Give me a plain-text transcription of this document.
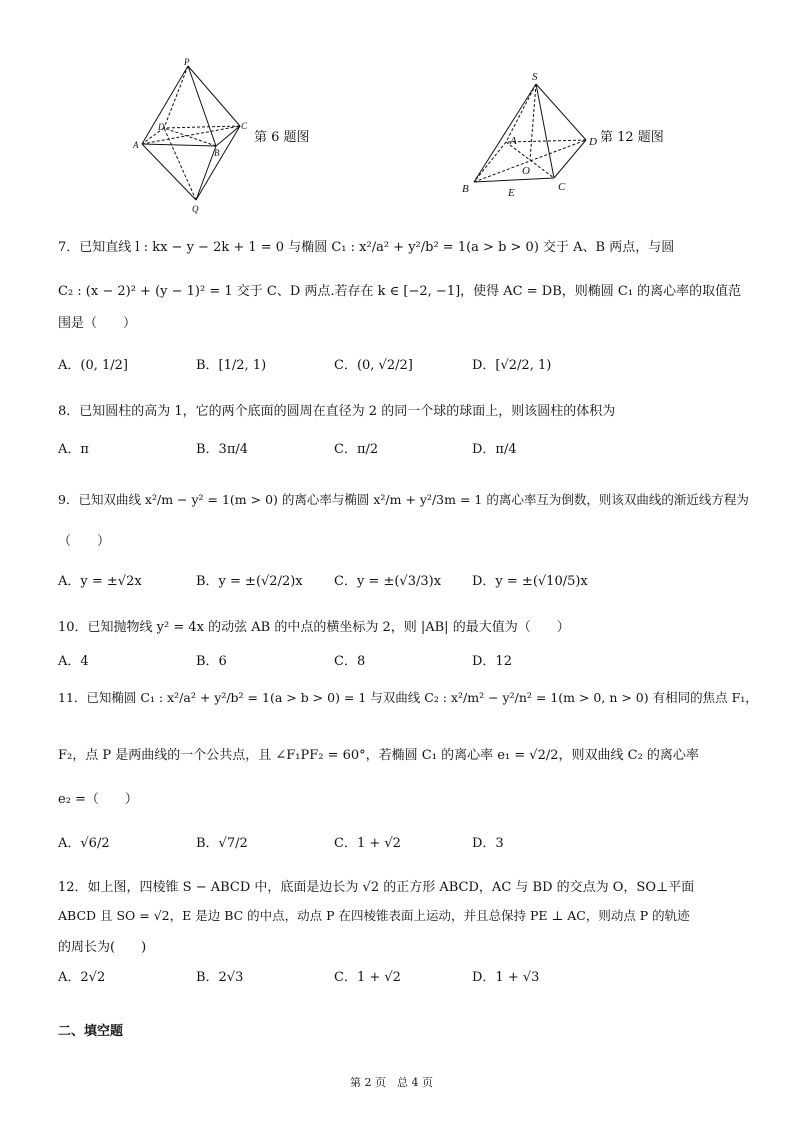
P
A
B
C
D
Q
第 6 题图
S
A
B	C
D
O
E
第 12 题图
7．已知直线 l : kx − y − 2k + 1 = 0 与椭圆 C₁ : x²/a² + y²/b² = 1(a > b > 0) 交于 A、B 两点，与圆
C₂ : (x − 2)² + (y − 1)² = 1 交于 C、D 两点.若存在 k ∈ [−2, −1]，使得 AC = DB，则椭圆 C₁ 的离心率的取值范
围是（　　）
A．(0, 1/2]	B．[1/2, 1)	C．(0, √2/2]	D．[√2/2, 1)
8．已知圆柱的高为 1，它的两个底面的圆周在直径为 2 的同一个球的球面上，则该圆柱的体积为
A．π	B．3π/4	C．π/2	D．π/4
9．已知双曲线 x²/m − y² = 1(m > 0) 的离心率与椭圆 x²/m + y²/3m = 1 的离心率互为倒数，则该双曲线的渐近线方程为
（　　）
A．y = ±√2x	B．y = ±(√2/2)x C．y = ±(√3/3)x D．y = ±(√10/5)x
10．已知抛物线 y² = 4x 的动弦 AB 的中点的横坐标为 2，则 |AB| 的最大值为（　　）
A．4	B．6	C．8	D．12
11．已知椭圆 C₁ : x²/a² + y²/b² = 1(a > b > 0) = 1 与双曲线 C₂ : x²/m² − y²/n² = 1(m > 0, n > 0) 有相同的焦点 F₁，
F₂，点 P 是两曲线的一个公共点，且 ∠F₁PF₂ = 60°，若椭圆 C₁ 的离心率 e₁ = √2/2，则双曲线 C₂ 的离心率
e₂ =（　　）
A．√6/2	B．√7/2	C．1 + √2	D．3
12．如上图，四棱锥 S − ABCD 中，底面是边长为 √2 的正方形 ABCD，AC 与 BD 的交点为 O，SO⊥平面
ABCD 且 SO = √2，E 是边 BC 的中点，动点 P 在四棱锥表面上运动，并且总保持 PE ⊥ AC，则动点 P 的轨迹
的周长为(　　)
A．2√2	B．2√3	C．1 + √2	D．1 + √3
二、填空题
第 2 页　总 4 页
